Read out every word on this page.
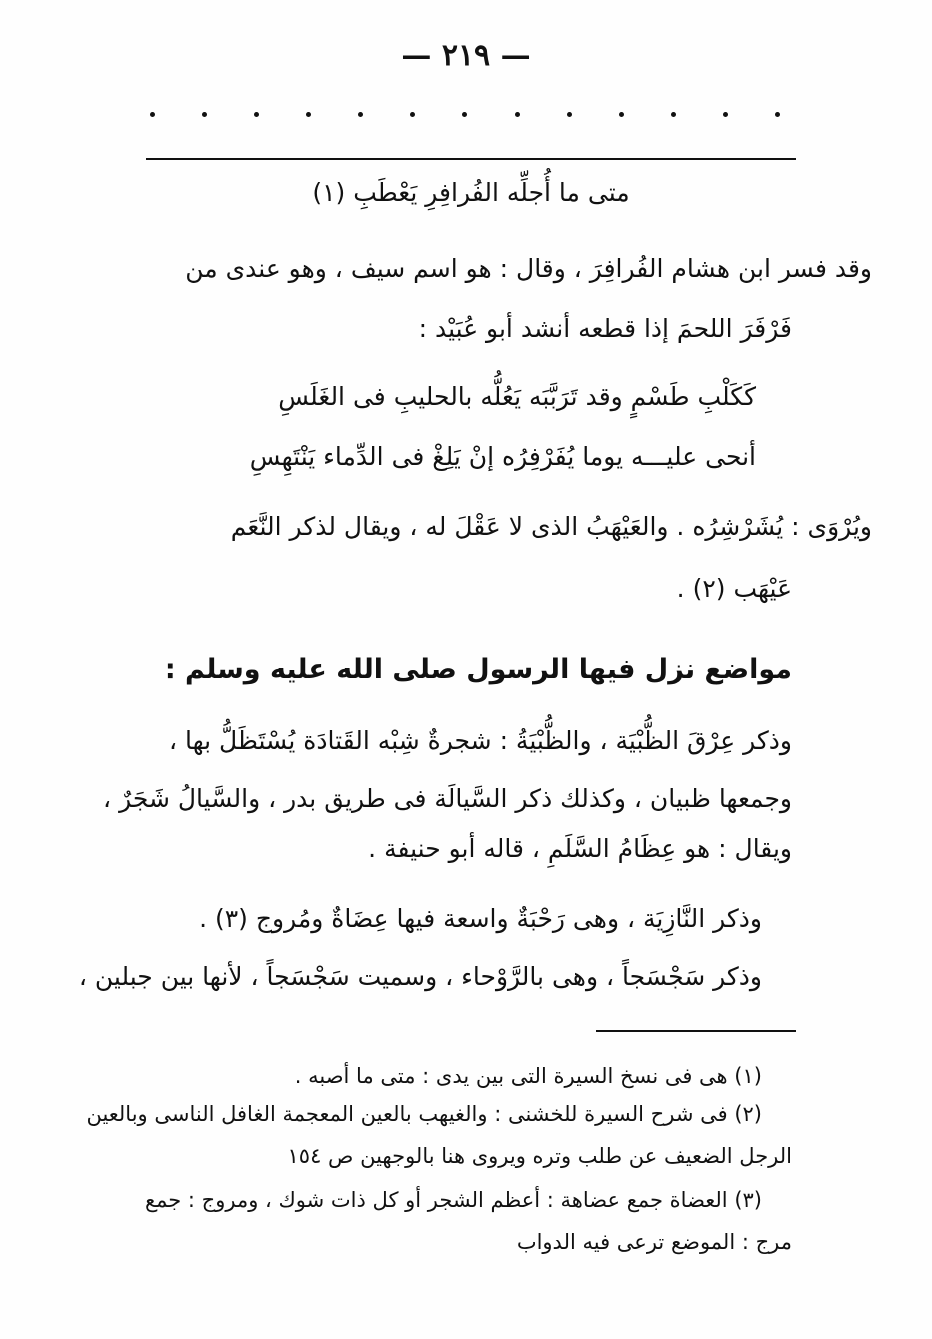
— ٢١٩ —
متى ما أُجلِّه الفُرافِرِ يَعْطَبِ (١)
وقد فسر ابن هشام الفُرافِرَ ، وقال : هو اسم سيف ، وهو عندى من
فَرْفَرَ اللحمَ إذا قطعه أنشد أبو عُبَيْد :
كَكَلْبِ طَسْمٍ وقد تَرَبَّبَه يَعُلُّه بالحليبِ فى الغَلَسِ
أنحى عليـــه يوما يُفَرْفِرُه إنْ يَلِغْ فى الدِّماء يَنْتَهِسِ
ويُرْوَى : يُشَرْشِرُه . والعَيْهَبُ الذى لا عَقْلَ له ، ويقال لذكر النَّعَم
عَيْهَب (٢) .
مواضع نزل فيها الرسول صلى الله عليه وسلم :
وذكر عِرْقَ الظُّبْيَة ، والظُّبْيَةُ : شجرةٌ شِبْه القَتادَة يُسْتَظَلُّ بها ،
وجمعها ظبيان ، وكذلك ذكر السَّيالَة فى طريق بدر ، والسَّيالُ شَجَرٌ ،
ويقال : هو عِظَامُ السَّلَمِ ، قاله أبو حنيفة .
وذكر النَّازِيَة ، وهى رَحْبَةٌ واسعة فيها عِضَاةٌ ومُروج (٣) .
وذكر سَجْسَجاً ، وهى بالرَّوْحاء ، وسميت سَجْسَجاً ، لأنها بين جبلين ،
(١) هى فى نسخ السيرة التى بين يدى : متى ما أصبه .
(٢) فى شرح السيرة للخشنى : والغيهب بالعين المعجمة الغافل الناسى وبالعين
الرجل الضعيف عن طلب وتره ويروى هنا بالوجهين ص ١٥٤
(٣) العضاة جمع عضاهة : أعظم الشجر أو كل ذات شوك ، ومروج : جمع
مرج : الموضع ترعى فيه الدواب
